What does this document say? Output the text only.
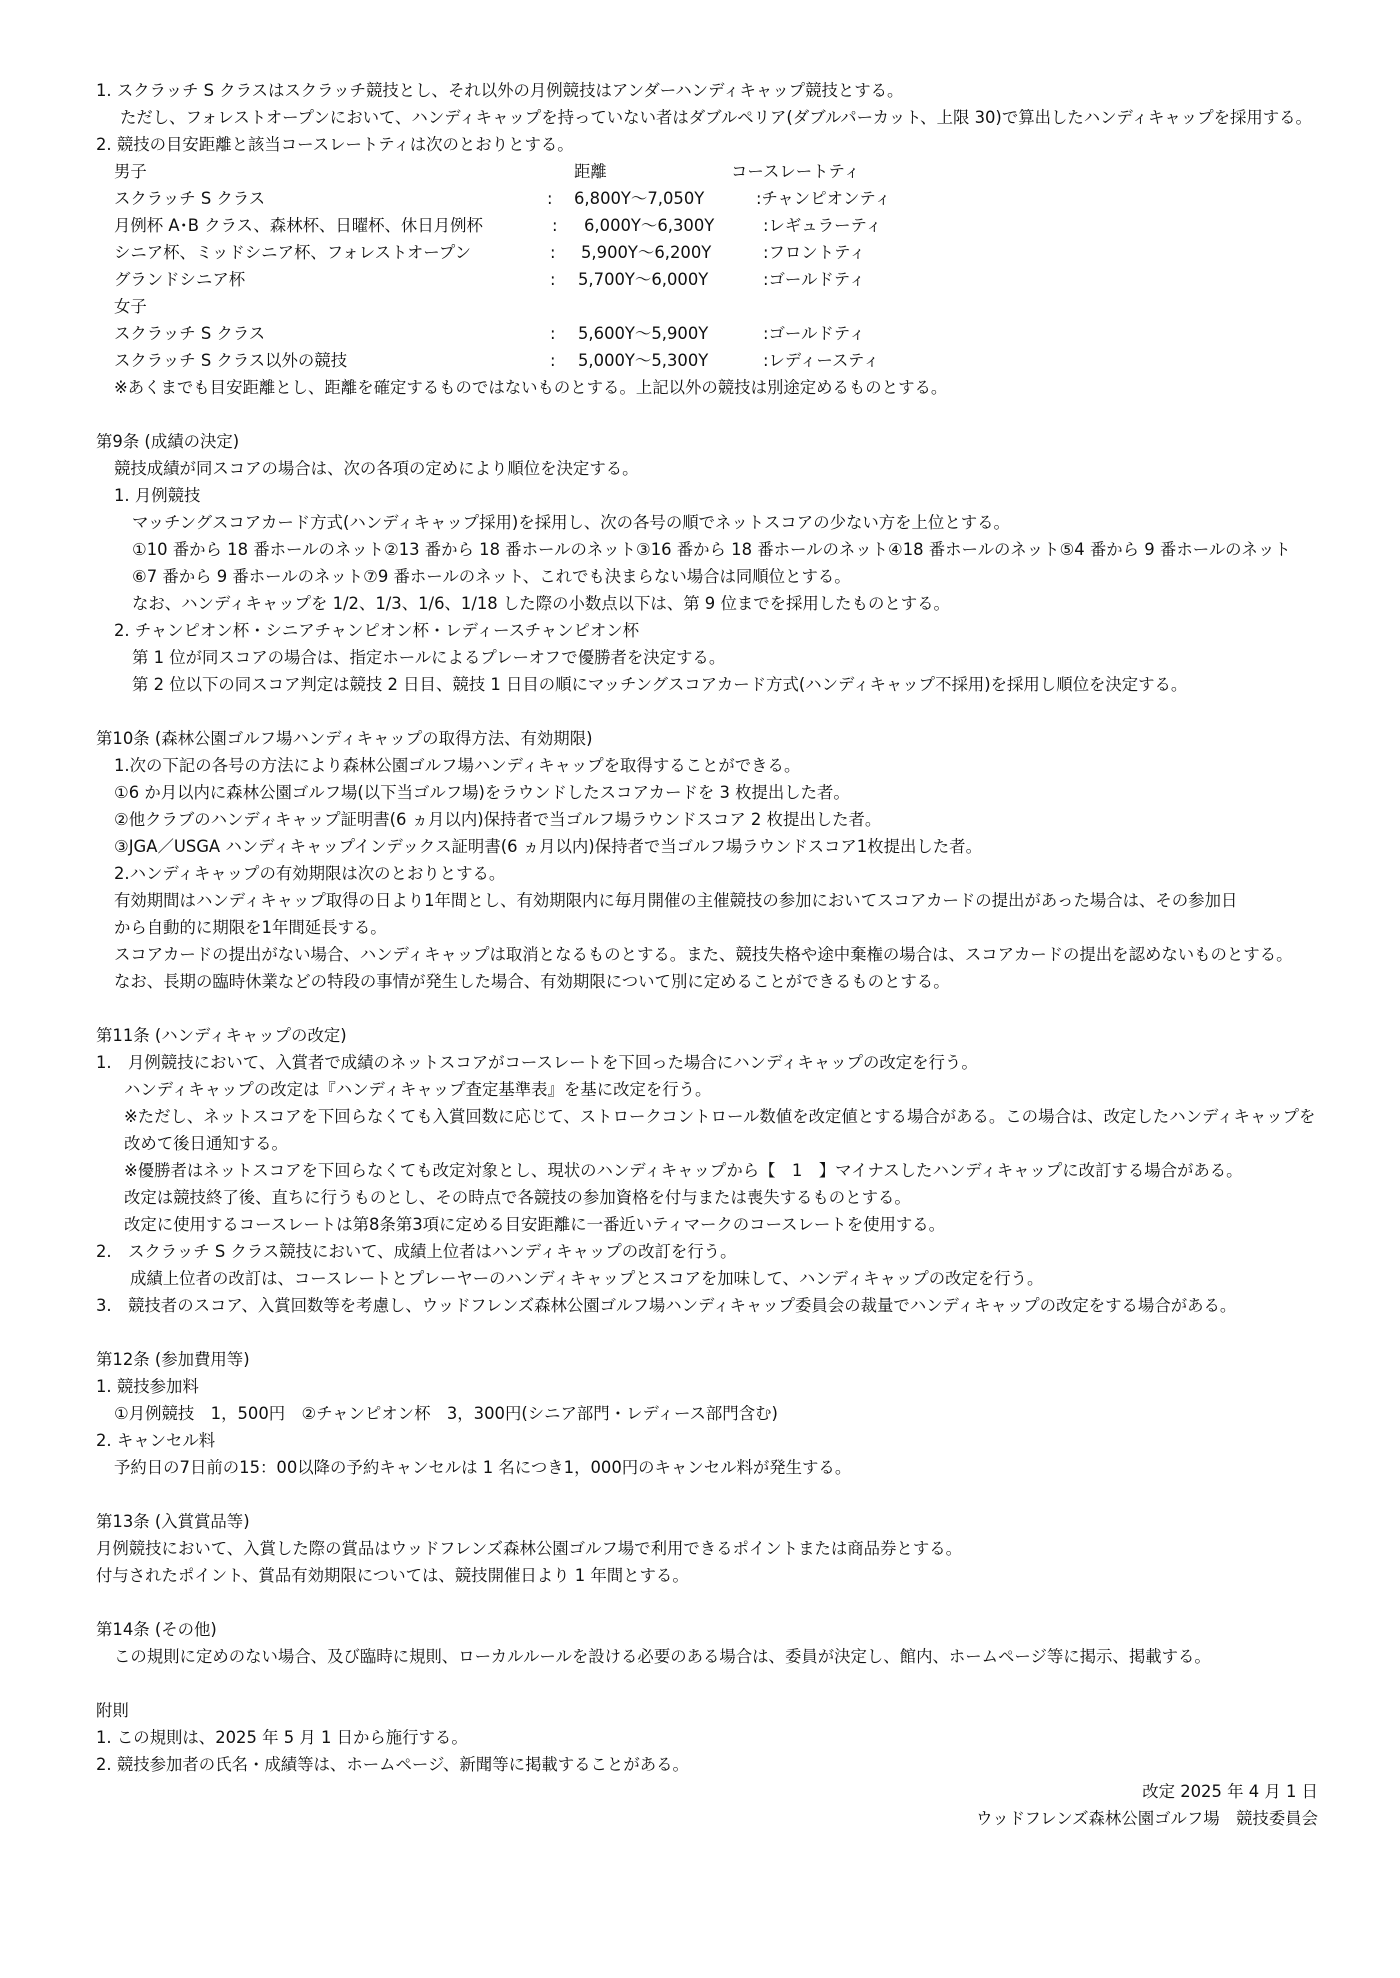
1. スクラッチ S クラスはスクラッチ競技とし、それ以外の月例競技はアンダーハンディキャップ競技とする。
ただし、フォレストオープンにおいて、ハンディキャップを持っていない者はダブルペリア(ダブルパーカット、上限 30)で算出したハンディキャップを採用する。
2. 競技の目安距離と該当コースレートティは次のとおりとする。
男子	距離	コースレートティ
スクラッチ S クラス	: 6,800Y～7,050Y	:チャンピオンティ
月例杯 A･B クラス、森林杯、日曜杯、休日月例杯	: 6,000Y～6,300Y	:レギュラーティ
シニア杯、ミッドシニア杯、フォレストオープン	: 5,900Y～6,200Y	:フロントティ
グランドシニア杯	: 5,700Y～6,000Y	:ゴールドティ
女子
スクラッチ S クラス	: 5,600Y～5,900Y	:ゴールドティ
スクラッチ S クラス以外の競技	: 5,000Y～5,300Y	:レディースティ
※あくまでも目安距離とし、距離を確定するものではないものとする。上記以外の競技は別途定めるものとする。
第9条 (成績の決定)
競技成績が同スコアの場合は、次の各項の定めにより順位を決定する。
1. 月例競技
マッチングスコアカード方式(ハンディキャップ採用)を採用し、次の各号の順でネットスコアの少ない方を上位とする。
①10 番から 18 番ホールのネット②13 番から 18 番ホールのネット③16 番から 18 番ホールのネット④18 番ホールのネット⑤4 番から 9 番ホールのネット
⑥7 番から 9 番ホールのネット⑦9 番ホールのネット、これでも決まらない場合は同順位とする。
なお、ハンディキャップを 1/2、1/3、1/6、1/18 した際の小数点以下は、第 9 位までを採用したものとする。
2. チャンピオン杯・シニアチャンピオン杯・レディースチャンピオン杯
第 1 位が同スコアの場合は、指定ホールによるプレーオフで優勝者を決定する。
第 2 位以下の同スコア判定は競技 2 日目、競技 1 日目の順にマッチングスコアカード方式(ハンディキャップ不採用)を採用し順位を決定する。
第10条 (森林公園ゴルフ場ハンディキャップの取得方法、有効期限)
1.次の下記の各号の方法により森林公園ゴルフ場ハンディキャップを取得することができる。
①6 か月以内に森林公園ゴルフ場(以下当ゴルフ場)をラウンドしたスコアカードを 3 枚提出した者。
②他クラブのハンディキャップ証明書(6 ヵ月以内)保持者で当ゴルフ場ラウンドスコア 2 枚提出した者。
③JGA／USGA ハンディキャップインデックス証明書(6 ヵ月以内)保持者で当ゴルフ場ラウンドスコア1枚提出した者。
2.ハンディキャップの有効期限は次のとおりとする。
有効期間はハンディキャップ取得の日より1年間とし、有効期限内に毎月開催の主催競技の参加においてスコアカードの提出があった場合は、その参加日
から自動的に期限を1年間延長する。
スコアカードの提出がない場合、ハンディキャップは取消となるものとする。また、競技失格や途中棄権の場合は、スコアカードの提出を認めないものとする。
なお、長期の臨時休業などの特段の事情が発生した場合、有効期限について別に定めることができるものとする。
第11条 (ハンディキャップの改定)
1.　月例競技において、入賞者で成績のネットスコアがコースレートを下回った場合にハンディキャップの改定を行う。
ハンディキャップの改定は『ハンディキャップ査定基準表』を基に改定を行う。
※ただし、ネットスコアを下回らなくても入賞回数に応じて、ストロークコントロール数値を改定値とする場合がある。この場合は、改定したハンディキャップを
改めて後日通知する。
※優勝者はネットスコアを下回らなくても改定対象とし、現状のハンディキャップから【　1　】マイナスしたハンディキャップに改訂する場合がある。
改定は競技終了後、直ちに行うものとし、その時点で各競技の参加資格を付与または喪失するものとする。
改定に使用するコースレートは第8条第3項に定める目安距離に一番近いティマークのコースレートを使用する。
2.　スクラッチ S クラス競技において、成績上位者はハンディキャップの改訂を行う。
成績上位者の改訂は、コースレートとプレーヤーのハンディキャップとスコアを加味して、ハンディキャップの改定を行う。
3.　競技者のスコア、入賞回数等を考慮し、ウッドフレンズ森林公園ゴルフ場ハンディキャップ委員会の裁量でハンディキャップの改定をする場合がある。
第12条 (参加費用等)
1. 競技参加料
①月例競技　1，500円　②チャンピオン杯　3，300円(シニア部門・レディース部門含む)
2. キャンセル料
予約日の7日前の15：00以降の予約キャンセルは 1 名につき1，000円のキャンセル料が発生する。
第13条 (入賞賞品等)
月例競技において、入賞した際の賞品はウッドフレンズ森林公園ゴルフ場で利用できるポイントまたは商品券とする。
付与されたポイント、賞品有効期限については、競技開催日より 1 年間とする。
第14条 (その他)
この規則に定めのない場合、及び臨時に規則、ローカルルールを設ける必要のある場合は、委員が決定し、館内、ホームページ等に掲示、掲載する。
附則
1. この規則は、2025 年 5 月 1 日から施行する。
2. 競技参加者の氏名・成績等は、ホームページ、新聞等に掲載することがある。
改定 2025 年 4 月 1 日
ウッドフレンズ森林公園ゴルフ場　競技委員会
